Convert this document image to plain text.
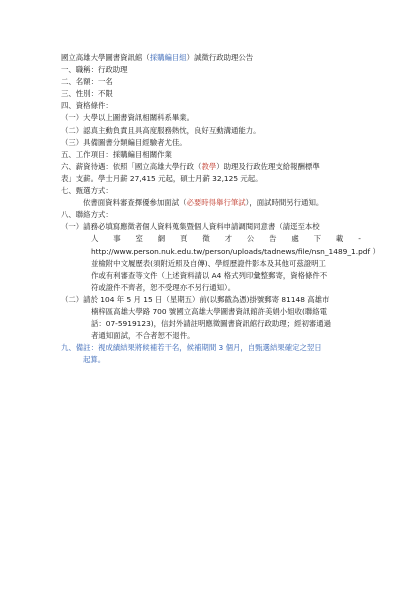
國立高雄大學圖書資訊館（採購編目組）誠徵行政助理公告
一、職稱：行政助理
二、名額：一名
三、性別：不限
四、資格條件：
（一）大學以上圖書資訊相關科系畢業。
（二）認真主動負責且具高度服務熱忱，良好互動溝通能力。
（三）具備圖書分類編目經驗者尤佳。
五、工作項目：採購編目相關作業
六、薪資待遇：依照「國立高雄大學行政（教學）助理及行政佐理支給報酬標準
表」支薪。學士月薪 27,415 元起，碩士月薪 32,125 元起。
七、甄選方式：
依書面資料審查擇優參加面試（必要時得舉行筆試），面試時間另行通知。
八、聯絡方式：
（一）請務必填寫應徵者個人資料蒐集暨個人資料申請調閱同意書（請逕至本校
人 事 室 網 頁 徵 才 公 告 處 下 載 -
http://www.person.nuk.edu.tw/person/uploads/tadnews/file/nsn_1489_1.pdf ）
並檢附中文履歷表(須附近照及自傳)、學經歷證件影本及其他可茲證明工
作或有利審查等文件（上述資料請以 A4 格式列印彙整郵寄，資格條件不
符或證件不齊者，恕不受理亦不另行通知）。
（二）請於 104 年 5 月 15 日（星期五）前(以郵戳為憑)掛號郵寄 81148 高雄市
楠梓區高雄大學路 700 號國立高雄大學圖書資訊館許美娟小姐收(聯絡電
話：07-5919123)，信封外請註明應徵圖書資訊館行政助理；經初審通過
者通知面試，不合者恕不退件。
九、備註：視成績結果將候補若干名，候補期間 3 個月，自甄選結果確定之翌日
起算。
